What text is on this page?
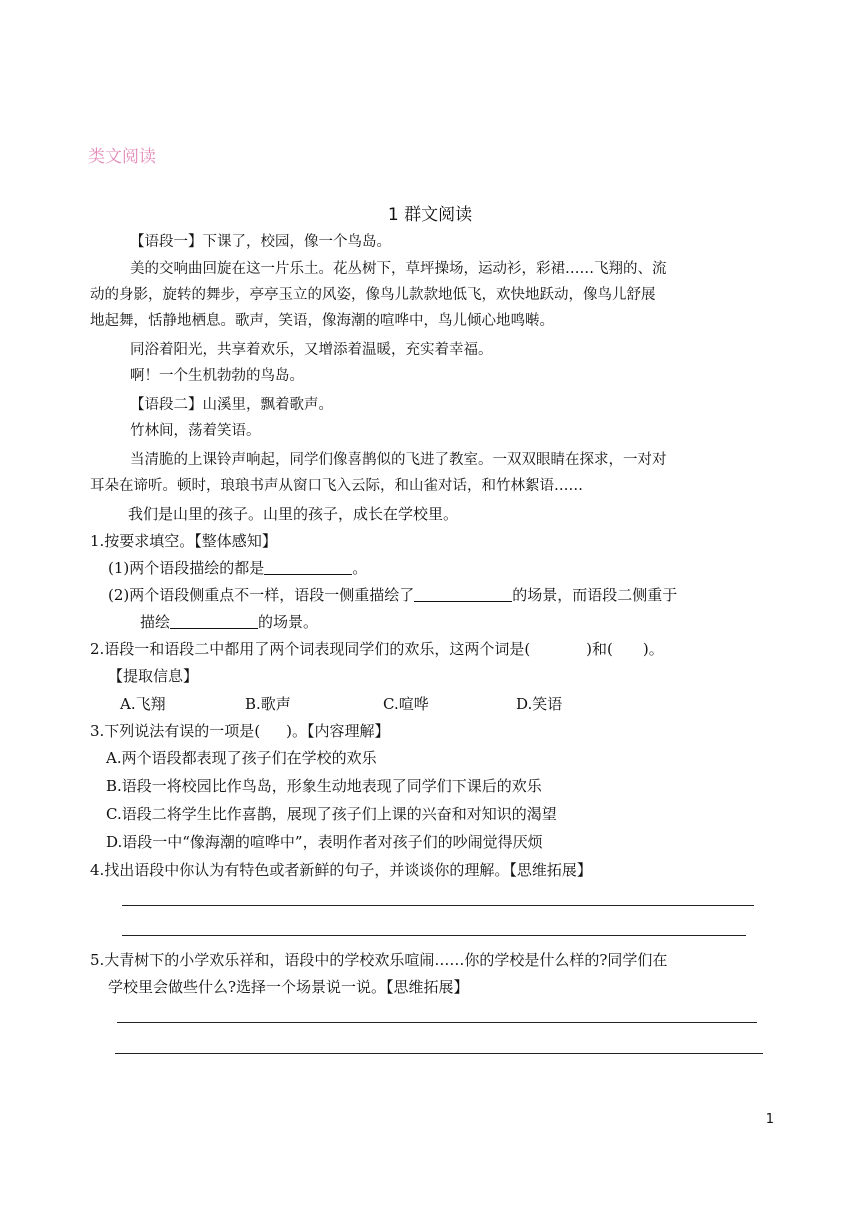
类文阅读
1 群文阅读
【语段一】下课了，校园，像一个鸟岛。
美的交响曲回旋在这一片乐土。花丛树下，草坪操场，运动衫，彩裙……飞翔的、流
动的身影，旋转的舞步，亭亭玉立的风姿，像鸟儿款款地低飞，欢快地跃动，像鸟儿舒展
地起舞，恬静地栖息。歌声，笑语，像海潮的喧哗中，鸟儿倾心地鸣啭。
同浴着阳光，共享着欢乐，又增添着温暖，充实着幸福。
啊！一个生机勃勃的鸟岛。
【语段二】山溪里，飘着歌声。
竹林间，荡着笑语。
当清脆的上课铃声响起，同学们像喜鹊似的飞进了教室。一双双眼睛在探求，一对对
耳朵在谛听。顿时，琅琅书声从窗口飞入云际，和山雀对话，和竹林絮语……
我们是山里的孩子。山里的孩子，成长在学校里。
1.按要求填空。【整体感知】
(1)两个语段描绘的都是	。
(2)两个语段侧重点不一样，语段一侧重描绘了	的场景，而语段二侧重于
描绘	的场景。
2.语段一和语段二中都用了两个词表现同学们的欢乐，这两个词是(	)和( )。
【提取信息】
A.飞翔	B.歌声	C.喧哗	D.笑语
3.下列说法有误的一项是( )。【内容理解】
A.两个语段都表现了孩子们在学校的欢乐
B.语段一将校园比作鸟岛，形象生动地表现了同学们下课后的欢乐
C.语段二将学生比作喜鹊，展现了孩子们上课的兴奋和对知识的渴望
D.语段一中“像海潮的喧哗中”，表明作者对孩子们的吵闹觉得厌烦
4.找出语段中你认为有特色或者新鲜的句子，并谈谈你的理解。【思维拓展】
5.大青树下的小学欢乐祥和，语段中的学校欢乐喧闹……你的学校是什么样的?同学们在
学校里会做些什么?选择一个场景说一说。【思维拓展】
1
